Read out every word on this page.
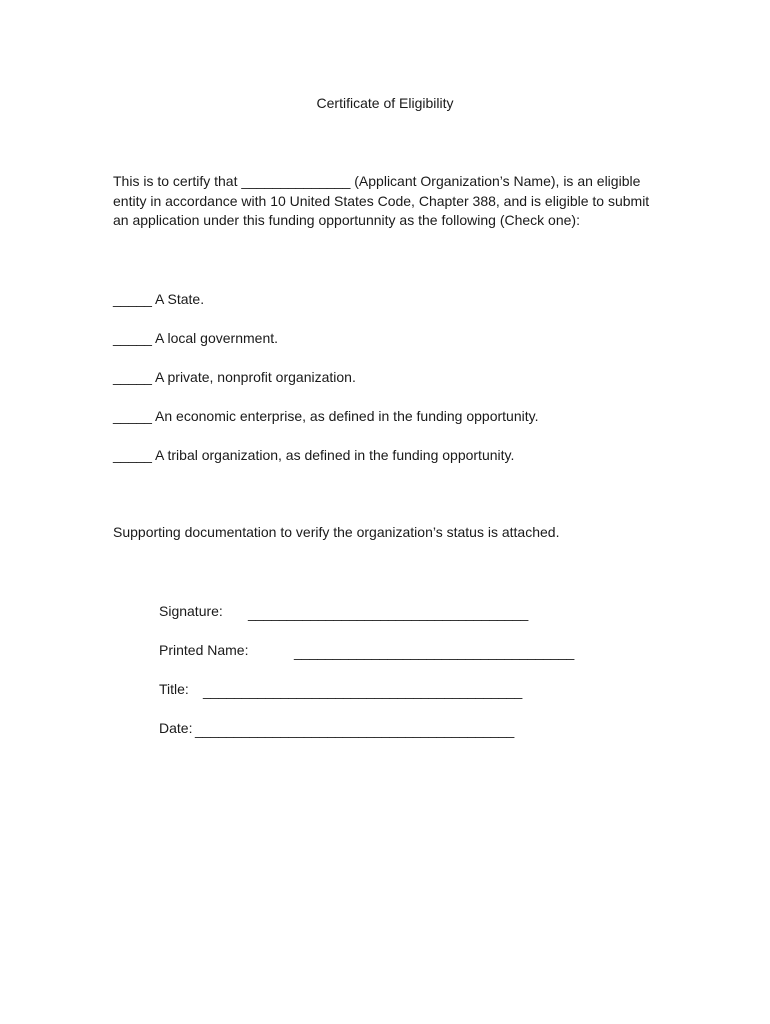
Certificate of Eligibility
This is to certify that ______________ (Applicant Organization’s Name), is an eligible
entity in accordance with 10 United States Code, Chapter 388, and is eligible to submit
an application under this funding opportunnity as the following (Check one):
_____ A State.
_____ A local government.
_____ A private, nonprofit organization.
_____ An economic enterprise, as defined in the funding opportunity.
_____ A tribal organization, as defined in the funding opportunity.
Supporting documentation to verify the organization’s status is attached.
Signature: ____________________________________
Printed Name:	____________________________________
Title: _________________________________________
Date: _________________________________________
